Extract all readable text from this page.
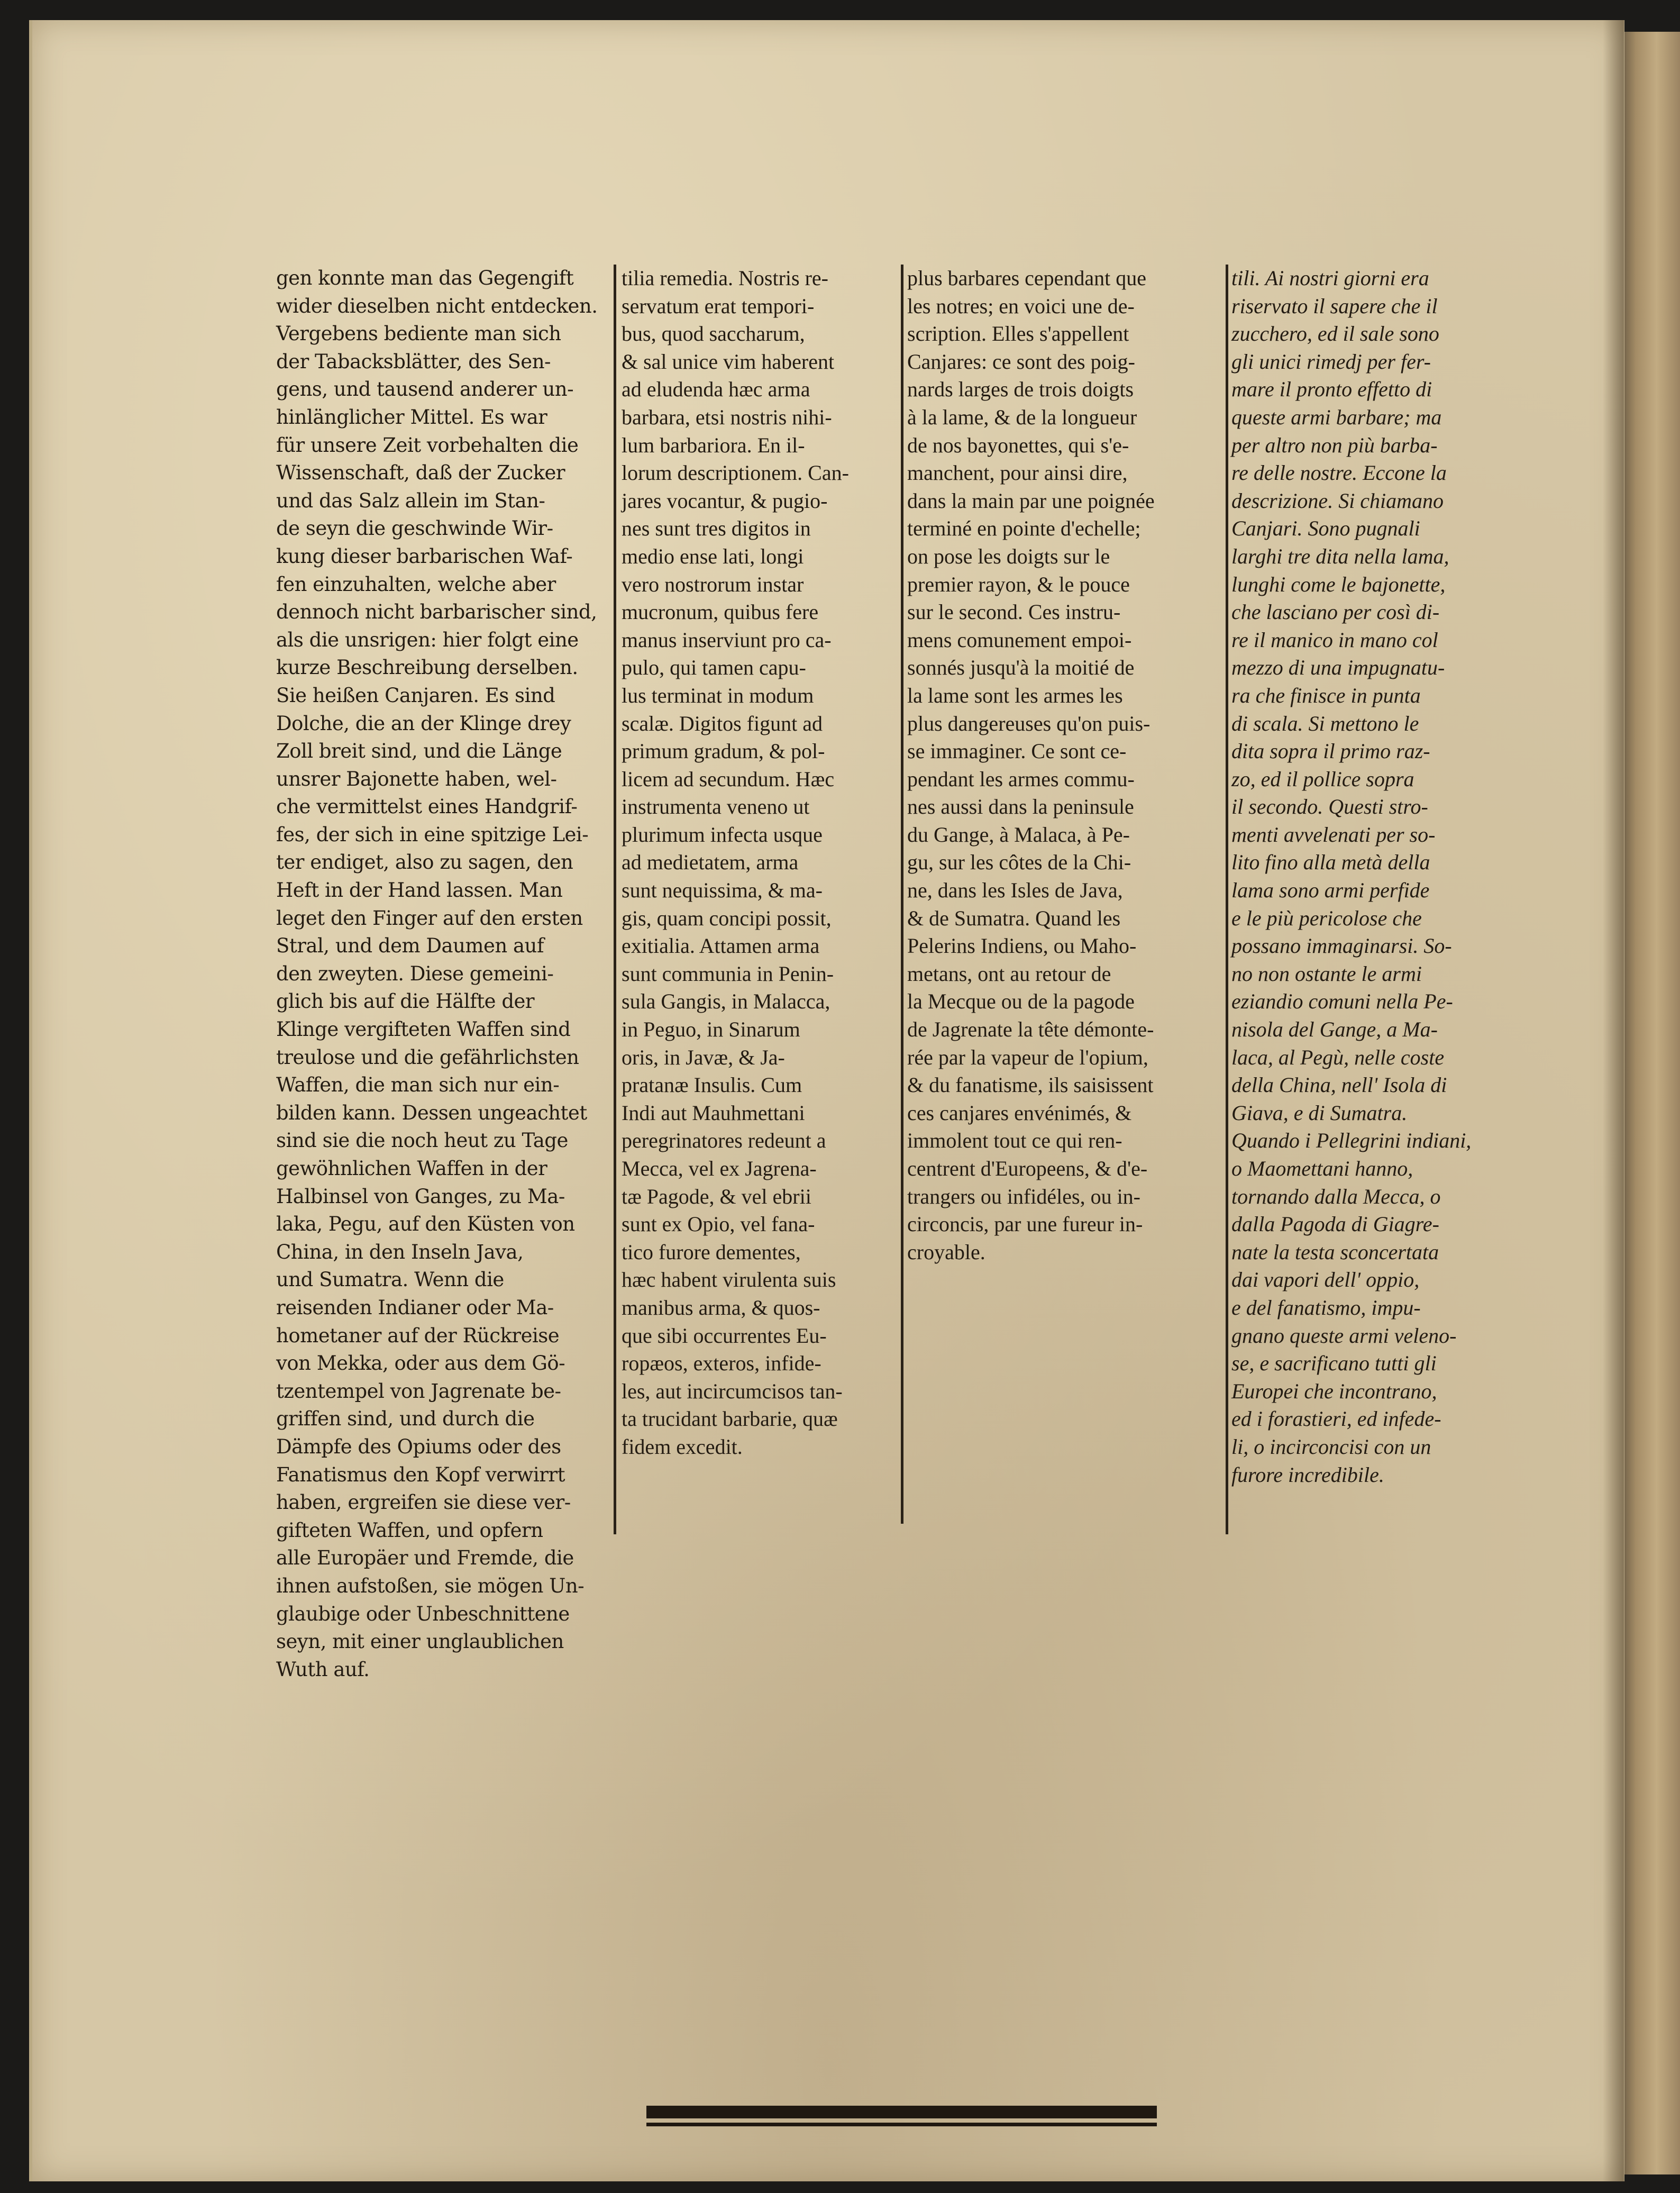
gen konnte man das Gegengift
wider dieselben nicht entdecken.
Vergebens bediente man sich
der Tabacksblätter, des Sen-
gens, und tausend anderer un-
hinlänglicher Mittel. Es war
für unsere Zeit vorbehalten die
Wissenschaft, daß der Zucker
und das Salz allein im Stan-
de seyn die geschwinde Wir-
kung dieser barbarischen Waf-
fen einzuhalten, welche aber
dennoch nicht barbarischer sind,
als die unsrigen: hier folgt eine
kurze Beschreibung derselben.
Sie heißen Canjaren. Es sind
Dolche, die an der Klinge drey
Zoll breit sind, und die Länge
unsrer Bajonette haben, wel-
che vermittelst eines Handgrif-
fes, der sich in eine spitzige Lei-
ter endiget, also zu sagen, den
Heft in der Hand lassen. Man
leget den Finger auf den ersten
Stral, und dem Daumen auf
den zweyten. Diese gemeini-
glich bis auf die Hälfte der
Klinge vergifteten Waffen sind
treulose und die gefährlichsten
Waffen, die man sich nur ein-
bilden kann. Dessen ungeachtet
sind sie die noch heut zu Tage
gewöhnlichen Waffen in der
Halbinsel von Ganges, zu Ma-
laka, Pegu, auf den Küsten von
China, in den Inseln Java,
und Sumatra. Wenn die
reisenden Indianer oder Ma-
hometaner auf der Rückreise
von Mekka, oder aus dem Gö-
tzentempel von Jagrenate be-
griffen sind, und durch die
Dämpfe des Opiums oder des
Fanatismus den Kopf verwirrt
haben, ergreifen sie diese ver-
gifteten Waffen, und opfern
alle Europäer und Fremde, die
ihnen aufstoßen, sie mögen Un-
glaubige oder Unbeschnittene
seyn, mit einer unglaublichen
Wuth auf.
tilia remedia. Nostris re-
servatum erat tempori-
bus, quod saccharum,
& sal unice vim haberent
ad eludenda hæc arma
barbara, etsi nostris nihi-
lum barbariora. En il-
lorum descriptionem. Can-
jares vocantur, & pugio-
nes sunt tres digitos in
medio ense lati, longi
vero nostrorum instar
mucronum, quibus fere
manus inserviunt pro ca-
pulo, qui tamen capu-
lus terminat in modum
scalæ. Digitos figunt ad
primum gradum, & pol-
licem ad secundum. Hæc
instrumenta veneno ut
plurimum infecta usque
ad medietatem, arma
sunt nequissima, & ma-
gis, quam concipi possit,
exitialia. Attamen arma
sunt communia in Penin-
sula Gangis, in Malacca,
in Peguo, in Sinarum
oris, in Javæ, & Ja-
pratanæ Insulis. Cum
Indi aut Mauhmettani
peregrinatores redeunt a
Mecca, vel ex Jagrena-
tæ Pagode, & vel ebrii
sunt ex Opio, vel fana-
tico furore dementes,
hæc habent virulenta suis
manibus arma, & quos-
que sibi occurrentes Eu-
ropæos, exteros, infide-
les, aut incircumcisos tan-
ta trucidant barbarie, quæ
fidem excedit.
plus barbares cependant que
les notres; en voici une de-
scription. Elles s'appellent
Canjares: ce sont des poig-
nards larges de trois doigts
à la lame, & de la longueur
de nos bayonettes, qui s'e-
manchent, pour ainsi dire,
dans la main par une poignée
terminé en pointe d'echelle;
on pose les doigts sur le
premier rayon, & le pouce
sur le second. Ces instru-
mens comunement empoi-
sonnés jusqu'à la moitié de
la lame sont les armes les
plus dangereuses qu'on puis-
se immaginer. Ce sont ce-
pendant les armes commu-
nes aussi dans la peninsule
du Gange, à Malaca, à Pe-
gu, sur les côtes de la Chi-
ne, dans les Isles de Java,
& de Sumatra. Quand les
Pelerins Indiens, ou Maho-
metans, ont au retour de
la Mecque ou de la pagode
de Jagrenate la tête démonte-
rée par la vapeur de l'opium,
& du fanatisme, ils saisissent
ces canjares envénimés, &
immolent tout ce qui ren-
centrent d'Europeens, & d'e-
trangers ou infidéles, ou in-
circoncis, par une fureur in-
croyable.
tili. Ai nostri giorni era
riservato il sapere che il
zucchero, ed il sale sono
gli unici rimedj per fer-
mare il pronto effetto di
queste armi barbare; ma
per altro non più barba-
re delle nostre. Eccone la
descrizione. Si chiamano
Canjari. Sono pugnali
larghi tre dita nella lama,
lunghi come le bajonette,
che lasciano per così di-
re il manico in mano col
mezzo di una impugnatu-
ra che finisce in punta
di scala. Si mettono le
dita sopra il primo raz-
zo, ed il pollice sopra
il secondo. Questi stro-
menti avvelenati per so-
lito fino alla metà della
lama sono armi perfide
e le più pericolose che
possano immaginarsi. So-
no non ostante le armi
eziandio comuni nella Pe-
nisola del Gange, a Ma-
laca, al Pegù, nelle coste
della China, nell' Isola di
Giava, e di Sumatra.
Quando i Pellegrini indiani,
o Maomettani hanno,
tornando dalla Mecca, o
dalla Pagoda di Giagre-
nate la testa sconcertata
dai vapori dell' oppio,
e del fanatismo, impu-
gnano queste armi veleno-
se, e sacrificano tutti gli
Europei che incontrano,
ed i forastieri, ed infede-
li, o incirconcisi con un
furore incredibile.
